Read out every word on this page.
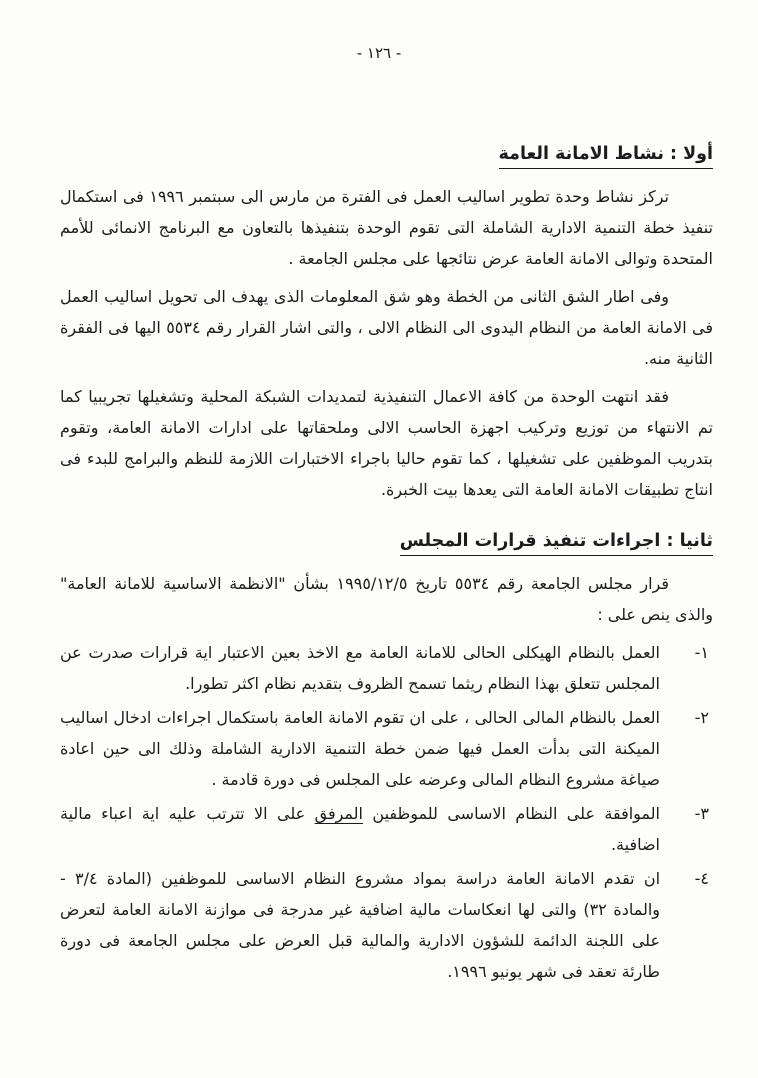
- ١٢٦ -
أولا : نشاط الامانة العامة

تركز نشاط وحدة تطوير اساليب العمل فى الفترة من مارس الى سبتمبر ١٩٩٦ فى استكمال تنفيذ خطة التنمية الادارية الشاملة التى تقوم الوحدة بتنفيذها بالتعاون مع البرنامج الانمائى للأمم المتحدة وتوالى الامانة العامة عرض نتائجها على مجلس الجامعة .

وفى اطار الشق الثانى من الخطة وهو شق المعلومات الذى يهدف الى تحويل اساليب العمل فى الامانة العامة من النظام اليدوى الى النظام الالى ، والتى اشار القرار رقم ٥٥٣٤ اليها فى الفقرة الثانية منه.

فقد انتهت الوحدة من كافة الاعمال التنفيذية لتمديدات الشبكة المحلية وتشغيلها تجريبيا كما تم الانتهاء من توزيع وتركيب اجهزة الحاسب الالى وملحقاتها على ادارات الامانة العامة، وتقوم بتدريب الموظفين على تشغيلها ، كما تقوم حاليا باجراء الاختبارات اللازمة للنظم والبرامج للبدء فى انتاج تطبيقات الامانة العامة التى يعدها بيت الخبرة.

ثانيا : اجراءات تنفيذ قرارات المجلس

قرار مجلس الجامعة رقم ٥٥٣٤ تاريخ ١٩٩٥/١٢/٥ بشأن "الانظمة الاساسية للامانة العامة" والذى ينص على :

١-
العمل بالنظام الهيكلى الحالى للامانة العامة مع الاخذ بعين الاعتبار اية قرارات صدرت عن المجلس تتعلق بهذا النظام ريثما تسمح الظروف بتقديم نظام اكثر تطورا.
٢-
العمل بالنظام المالى الحالى ، على ان تقوم الامانة العامة باستكمال اجراءات ادخال اساليب الميكنة التى بدأت العمل فيها ضمن خطة التنمية الادارية الشاملة وذلك الى حين اعادة صياغة مشروع النظام المالى وعرضه على المجلس فى دورة قادمة .
٣-
الموافقة على النظام الاساسى للموظفين المرفق على الا تترتب عليه اية اعباء مالية اضافية.
٤-
ان تقدم الامانة العامة دراسة بمواد مشروع النظام الاساسى للموظفين (المادة ٣/٤ - والمادة ٣٢) والتى لها انعكاسات مالية اضافية غير مدرجة فى موازنة الامانة العامة لتعرض على اللجنة الدائمة للشؤون الادارية والمالية قبل العرض على مجلس الجامعة فى دورة طارئة تعقد فى شهر يونيو ١٩٩٦.
